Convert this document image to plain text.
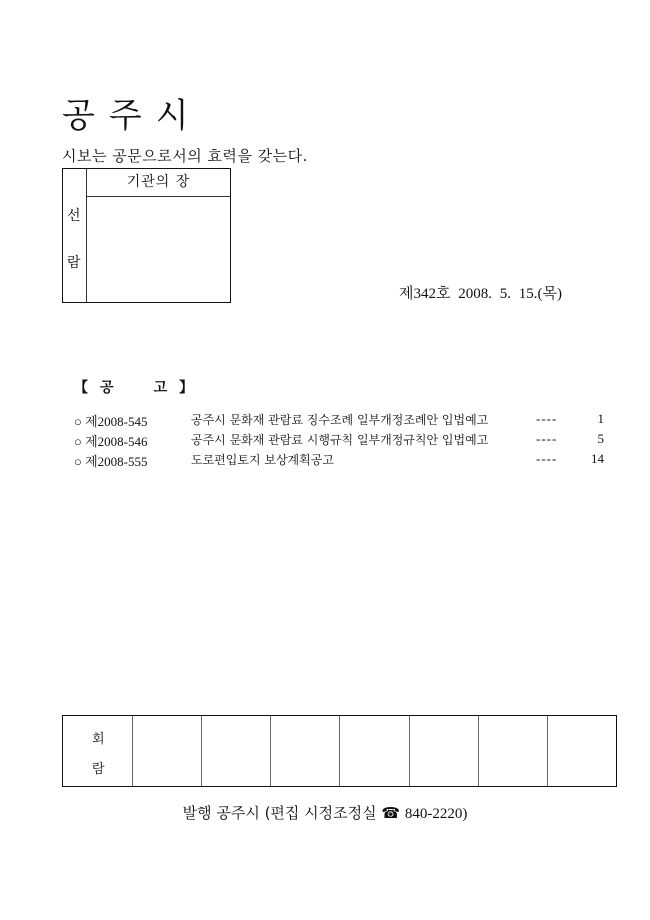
공주시
시보는 공문으로서의 효력을 갖는다.
선
람
기관의 장
제342호 2008. 5. 15.(목)
【 공	고 】
○ 제2008-545	공주시 문화재 관람료 징수조례 일부개정조례안 입법예고	----	1
○ 제2008-546	공주시 문화재 관람료 시행규칙 일부개정규칙안 입법예고	----	5
○ 제2008-555	도로편입토지 보상계획공고	----	14
회
람
발행 공주시 (편집 시정조정실 ☎ 840-2220)
